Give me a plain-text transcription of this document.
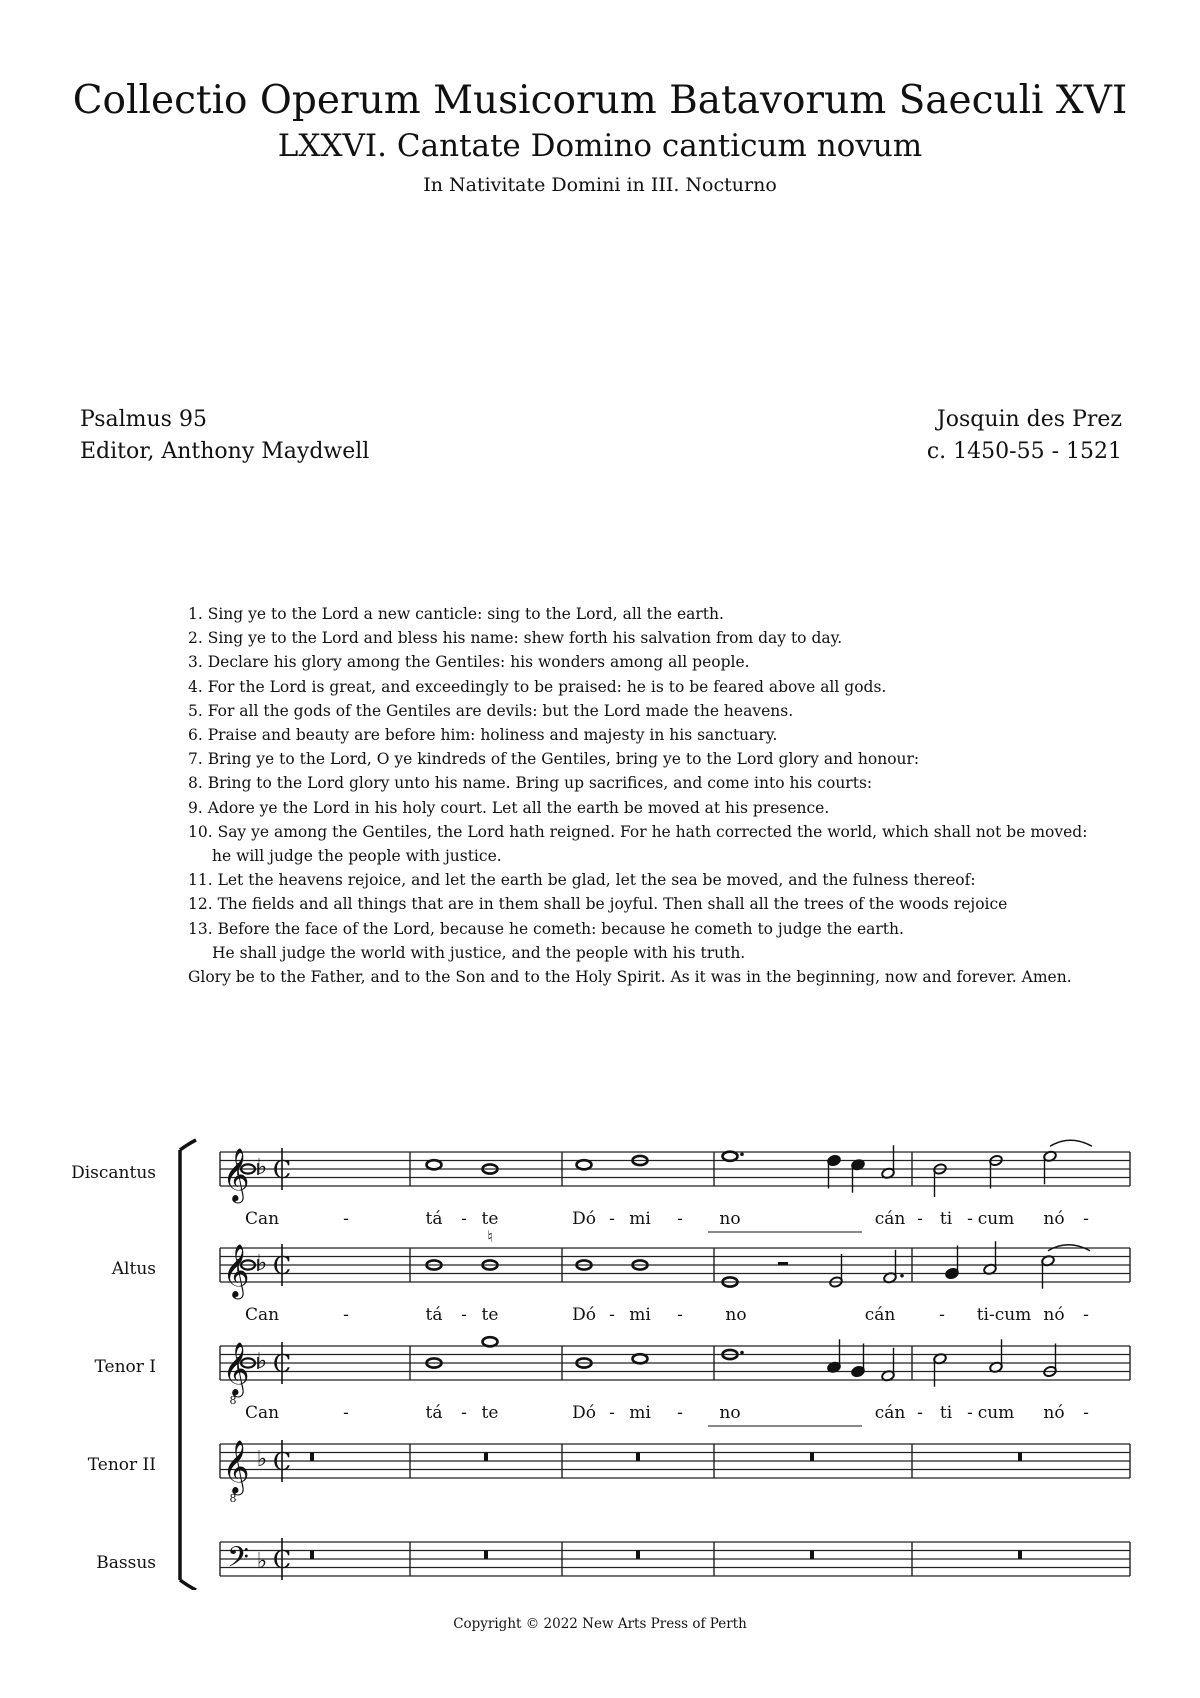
Collectio Operum Musicorum Batavorum Saeculi XVI
LXXVI. Cantate Domino canticum novum
In Nativitate Domini in III. Nocturno
Psalmus 95
Editor, Anthony Maydwell
Josquin des Prez
c. 1450-55 - 1521
1. Sing ye to the Lord a new canticle: sing to the Lord, all the earth.
2. Sing ye to the Lord and bless his name: shew forth his salvation from day to day.
3. Declare his glory among the Gentiles: his wonders among all people.
4. For the Lord is great, and exceedingly to be praised: he is to be feared above all gods.
5. For all the gods of the Gentiles are devils: but the Lord made the heavens.
6. Praise and beauty are before him: holiness and majesty in his sanctuary.
7. Bring ye to the Lord, O ye kindreds of the Gentiles, bring ye to the Lord glory and honour:
8. Bring to the Lord glory unto his name. Bring up sacrifices, and come into his courts:
9. Adore ye the Lord in his holy court. Let all the earth be moved at his presence.
10. Say ye among the Gentiles, the Lord hath reigned. For he hath corrected the world, which shall not be moved:
he will judge the people with justice.
11. Let the heavens rejoice, and let the earth be glad, let the sea be moved, and the fulness thereof:
12. The fields and all things that are in them shall be joyful. Then shall all the trees of the woods rejoice
13. Before the face of the Lord, because he cometh: because he cometh to judge the earth.
He shall judge the world with justice, and the people with his truth.
Glory be to the Father, and to the Son and to the Holy Spirit. As it was in the beginning, now and forever. Amen.
Discantus 𝄞 ♭ C
Can	-	tá - te	Dó - mi - no	cán - ti - cum nó -
Altus 𝄞 ♭ C
Can	-	tá - te	Dó - mi -	no	cán	- ti-cum nó -
Tenor I 𝄞
8
♭ C
Can	-	tá - te	Dó - mi - no	cán - ti - cum nó -
Tenor II 𝄞
8
♭ C
Bassus 𝄢 ♭ C
♮
Copyright © 2022 New Arts Press of Perth
